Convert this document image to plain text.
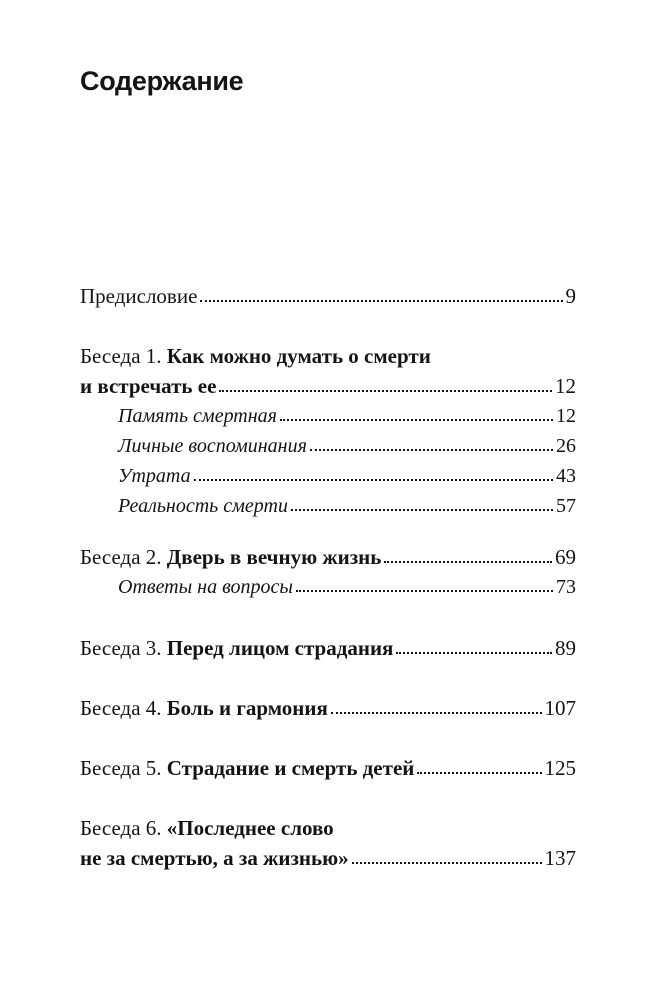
Содержание
Предисловие	9
Беседа 1. Как можно думать о смерти
и встречать ее	12
Память смертная	12
Личные воспоминания	26
Утрата	43
Реальность смерти	57
Беседа 2. Дверь в вечную жизнь	69
Ответы на вопросы	73
Беседа 3. Перед лицом страдания	89
Беседа 4. Боль и гармония	107
Беседа 5. Страдание и смерть детей	125
Беседа 6. «Последнее слово
не за смертью, а за жизнью»	137
